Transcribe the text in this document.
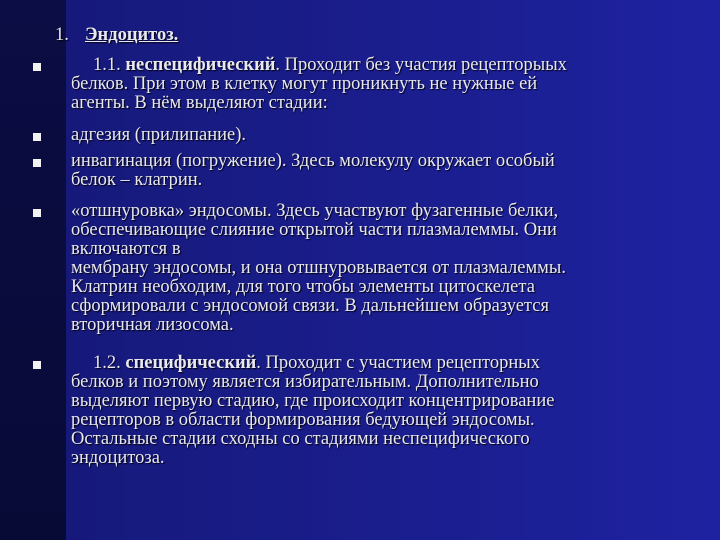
1. Эндоцитоз.
1.1. неспецифический. Проходит без участия рецепторыых
белков. При этом в клетку могут проникнуть не нужные ей
агенты. В нём выделяют стадии:
адгезия (прилипание).
инвагинация (погружение). Здесь молекулу окружает особый
белок – клатрин.
«отшнуровка» эндосомы. Здесь участвуют фузагенные белки,
обеспечивающие слияние открытой части плазмалеммы. Они
включаются в
мембрану эндосомы, и она отшнуровывается от плазмалеммы.
Клатрин необходим, для того чтобы элементы цитоскелета
сформировали с эндосомой связи. В дальнейшем образуется
вторичная лизосома.
1.2. специфический. Проходит с участием рецепторных
белков и поэтому является избирательным. Дополнительно
выделяют первую стадию, где происходит концентрирование
рецепторов в области формирования бедующей эндосомы.
Остальные стадии сходны со стадиями неспецифического
эндоцитоза.
